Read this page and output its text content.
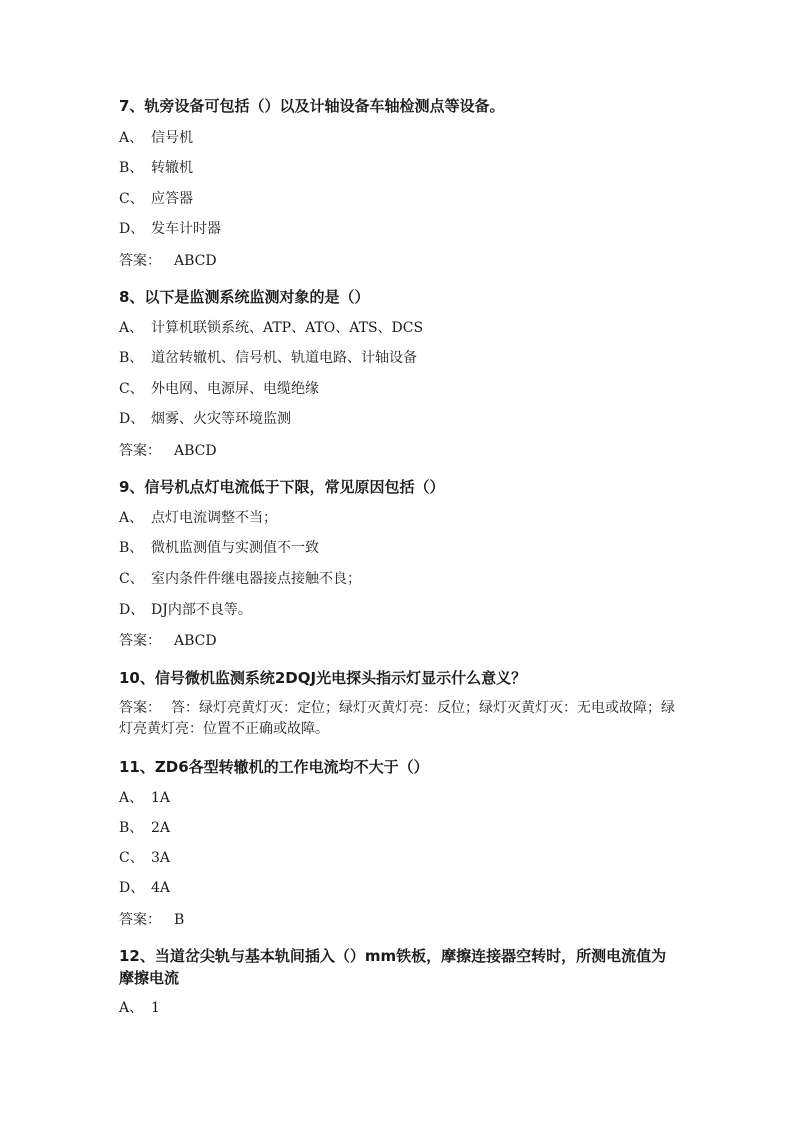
7、轨旁设备可包括（）以及计轴设备车轴检测点等设备。

A、 信号机
B、 转辙机
C、 应答器
D、 发车计时器
答案： ABCD

8、以下是监测系统监测对象的是（）

A、 计算机联锁系统、ATP、ATO、ATS、DCS
B、 道岔转辙机、信号机、轨道电路、计轴设备
C、 外电网、电源屏、电缆绝缘
D、 烟雾、火灾等环境监测
答案： ABCD

9、信号机点灯电流低于下限，常见原因包括（）

A、 点灯电流调整不当；
B、 微机监测值与实测值不一致
C、 室内条件件继电器接点接触不良；
D、 DJ内部不良等。
答案： ABCD

10、信号微机监测系统2DQJ光电探头指示灯显示什么意义？

答案： 答：绿灯亮黄灯灭：定位；绿灯灭黄灯亮：反位；绿灯灭黄灯灭：无电或故障；绿灯亮黄灯亮：位置不正确或故障。

11、ZD6各型转辙机的工作电流均不大于（）

A、 1A
B、 2A
C、 3A
D、 4A
答案： B

12、当道岔尖轨与基本轨间插入（）mm铁板，摩擦连接器空转时，所测电流值为摩擦电流

A、 1
